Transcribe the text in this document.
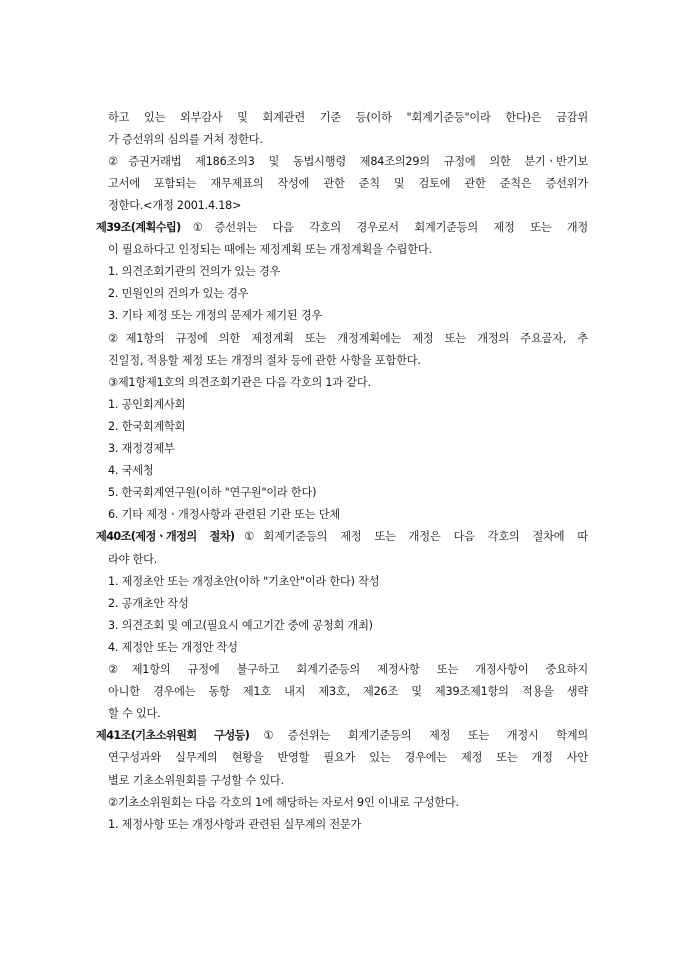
하고 있는 외부감사 및 회계관련 기준 등(이하 "회계기준등"이라 한다)은 금감위
가 증선위의 심의를 거쳐 정한다.
②증권거래법 제186조의3 및 동법시행령 제84조의29의 규정에 의한 분기ㆍ반기보
고서에 포함되는 재무제표의 작성에 관한 준칙 및 검토에 관한 준칙은 증선위가
정한다.<개정 2001.4.18>
제39조(계획수립)①증선위는 다음 각호의 경우로서 회계기준등의 제정 또는 개정
이 필요하다고 인정되는 때에는 제정계획 또는 개정계획을 수립한다.
1. 의견조회기관의 건의가 있는 경우
2. 민원인의 건의가 있는 경우
3. 기타 제정 또는 개정의 문제가 제기된 경우
②제1항의 규정에 의한 제정계획 또는 개정계획에는 제정 또는 개정의 주요골자, 추
진일정, 적용할 제정 또는 개정의 절차 등에 관한 사항을 포함한다.
③제1항제1호의 의견조회기관은 다음 각호의 1과 같다.
1. 공인회계사회
2. 한국회계학회
3. 재정경제부
4. 국세청
5. 한국회계연구원(이하 "연구원"이라 한다)
6. 기타 제정ㆍ개정사항과 관련된 기관 또는 단체
제40조(제정ㆍ개정의 절차)①회계기준등의 제정 또는 개정은 다음 각호의 절차에 따
라야 한다.
1. 제정초안 또는 개정초안(이하 "기초안"이라 한다) 작성
2. 공개초안 작성
3. 의견조회 및 예고(필요시 예고기간 중에 공청회 개최)
4. 제정안 또는 개정안 작성
②제1항의 규정에 불구하고 회계기준등의 제정사항 또는 개정사항이 중요하지
아니한 경우에는 동항 제1호 내지 제3호, 제26조 및 제39조제1항의 적용을 생략
할 수 있다.
제41조(기초소위원회 구성등)①증선위는 회계기준등의 제정 또는 개정시 학계의
연구성과와 실무계의 현황을 반영할 필요가 있는 경우에는 제정 또는 개정 사안
별로 기초소위원회를 구성할 수 있다.
②기초소위원회는 다음 각호의 1에 해당하는 자로서 9인 이내로 구성한다.
1. 제정사항 또는 개정사항과 관련된 실무계의 전문가
